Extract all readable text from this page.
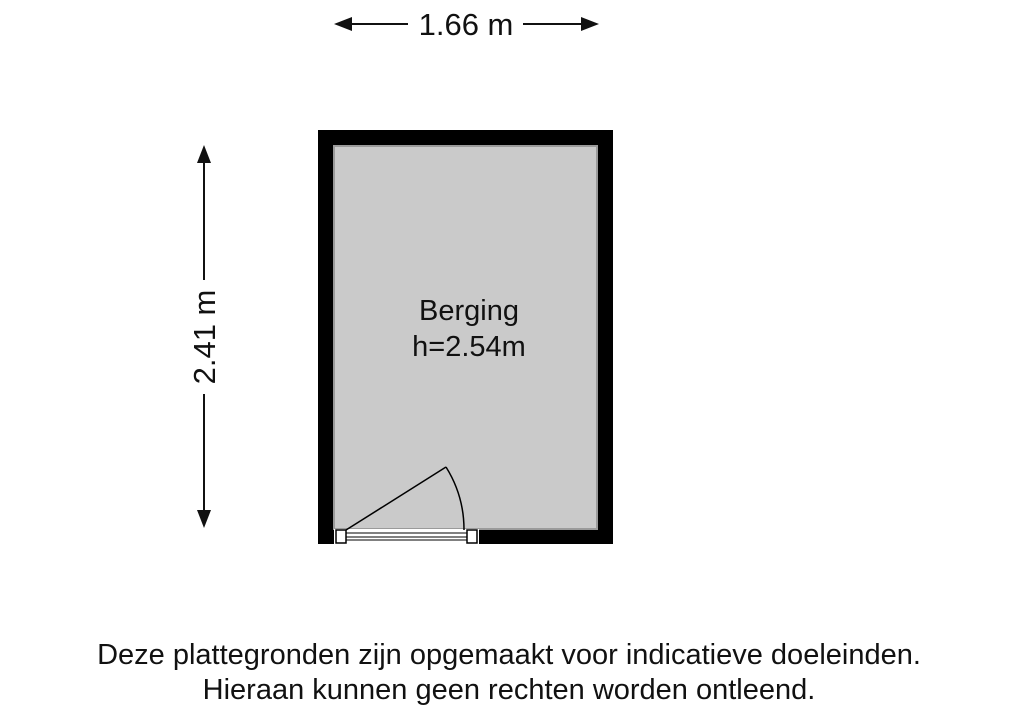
1.66 m
2.41 m	Berging
h=2.54m
Deze plattegronden zijn opgemaakt voor indicatieve doeleinden.
Hieraan kunnen geen rechten worden ontleend.
